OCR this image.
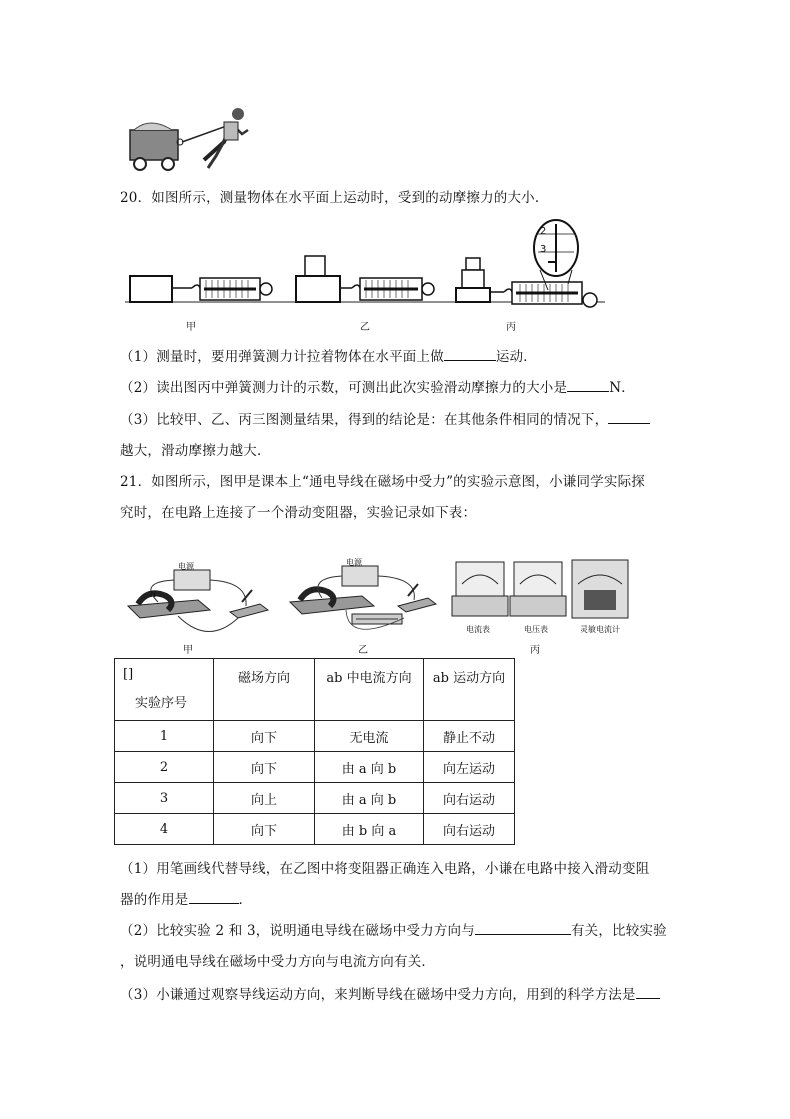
20．如图所示，测量物体在水平面上运动时，受到的动摩擦力的大小．
2
3
甲	乙	丙
（1）测量时，要用弹簧测力计拉着物体在水平面上做	运动．
（2）读出图丙中弹簧测力计的示数，可测出此次实验滑动摩擦力的大小是	N．
（3）比较甲、乙、丙三图测量结果，得到的结论是：在其他条件相同的情况下，
越大，滑动摩擦力越大．
21．如图所示，图甲是课本上“通电导线在磁场中受力”的实验示意图，小谦同学实际探
究时，在电路上连接了一个滑动变阻器，实验记录如下表：
电源	电源
N
电流表	电压表	灵敏电流计
甲	乙	丙
[]
实验序号	磁场方向	ab 中电流方向	ab 运动方向
1	向下	无电流	静止不动
2	向下	由 a 向 b	向左运动
3	向上	由 a 向 b	向右运动
4	向下	由 b 向 a	向右运动
（1）用笔画线代替导线，在乙图中将变阻器正确连入电路，小谦在电路中接入滑动变阻
器的作用是	．
（2）比较实验 2 和 3，说明通电导线在磁场中受力方向与	有关，比较实验
，说明通电导线在磁场中受力方向与电流方向有关．
（3）小谦通过观察导线运动方向，来判断导线在磁场中受力方向，用到的科学方法是
